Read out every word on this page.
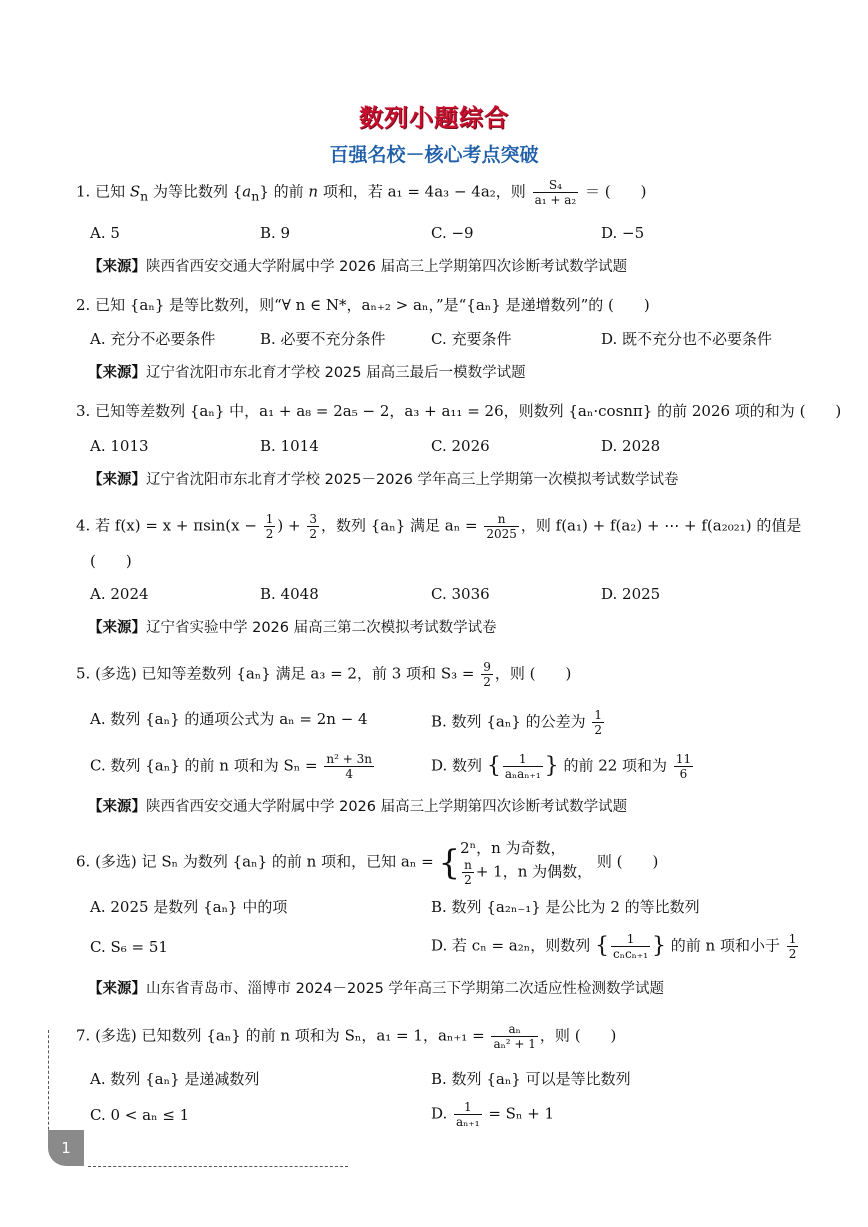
数列小题综合
百强名校－核心考点突破
1. 已知 $S_n$ 为等比数列 $\{a_n\}$ 的前 n 项和，若 a₁ = 4a₃ − 4a₂，则 $\frac{\text{S₄}}{\text{a₁ + a₂}}$ ＝ (　　)
A. 5	B. 9	C. −9	D. −5
【来源】陕西省西安交通大学附属中学 2026 届高三上学期第四次诊断考试数学试题
2. 已知 {aₙ} 是等比数列，则“∀ n ∈ N*，aₙ₊₂ > aₙ，”是“{aₙ} 是递增数列”的 (　　)
A. 充分不必要条件	B. 必要不充分条件	C. 充要条件	D. 既不充分也不必要条件
【来源】辽宁省沈阳市东北育才学校 2025 届高三最后一模数学试题
3. 已知等差数列 {aₙ} 中，a₁ + a₈ = 2a₅ − 2，a₃ + a₁₁ = 26，则数列 {aₙ·cosnπ} 的前 2026 项的和为 (　　)
A. 1013	B. 1014	C. 2026	D. 2028
【来源】辽宁省沈阳市东北育才学校 2025－2026 学年高三上学期第一次模拟考试数学试卷
4. 若 $f(x) = x + \pi\sin(x - \frac{1}{2}$ ) + $\frac{3}{2}$ ，数列 {aₙ} 满足 $a_n = \frac{n}{2025}$ ，则 f(a₁) + f(a₂) + ⋯ + f(a₂₀₂₁) 的值是
(　　)
A. 2024	B. 4048	C. 3036	D. 2025
【来源】辽宁省实验中学 2026 届高三第二次模拟考试数学试卷
5. (多选) 已知等差数列 {aₙ} 满足 a₃ = 2，前 3 项和 $S_3 = \frac{9}{2}$ ，则 (　　)
A. 数列 {aₙ} 的通项公式为 aₙ = 2n − 4	B. 数列 {aₙ} 的公差为 $\frac{1}{2}$
C. 数列 {aₙ} 的前 n 项和为 $S_n = \frac{\text{n² + 3n}}{4}$	D. 数列 { $\frac{1}{\text{aₙaₙ₊₁}}$ } 的前 22 项和为 $\frac{11}{6}$
【来源】陕西省西安交通大学附属中学 2026 届高三上学期第四次诊断考试数学试题
6. (多选) 记 Sₙ 为数列 {aₙ} 的前 n 项和，已知 aₙ = {2ⁿ，n 为奇数，

$\frac{n}{2} + 1$，n 为偶数， 则 (　　)
A. 2025 是数列 {aₙ} 中的项	B. 数列 {a₂ₙ₋₁} 是公比为 2 的等比数列
C. S₆ = 51	D. 若 cₙ = a₂ₙ，则数列 { $\frac{1}{\text{cₙcₙ₊₁}}$ } 的前 n 项和小于 $\frac{1}{2}$
【来源】山东省青岛市、淄博市 2024－2025 学年高三下学期第二次适应性检测数学试题
7. (多选) 已知数列 {aₙ} 的前 n 项和为 Sₙ，a₁ = 1，$a_{n+1} = \frac{\text{aₙ}}{\text{aₙ² + 1}}$ ，则 (　　)
A. 数列 {aₙ} 是递减数列	B. 数列 {aₙ} 可以是等比数列
C. 0 < aₙ ≤ 1	D. $\frac{1}{\text{aₙ₊₁}} = S_n + 1$
1
